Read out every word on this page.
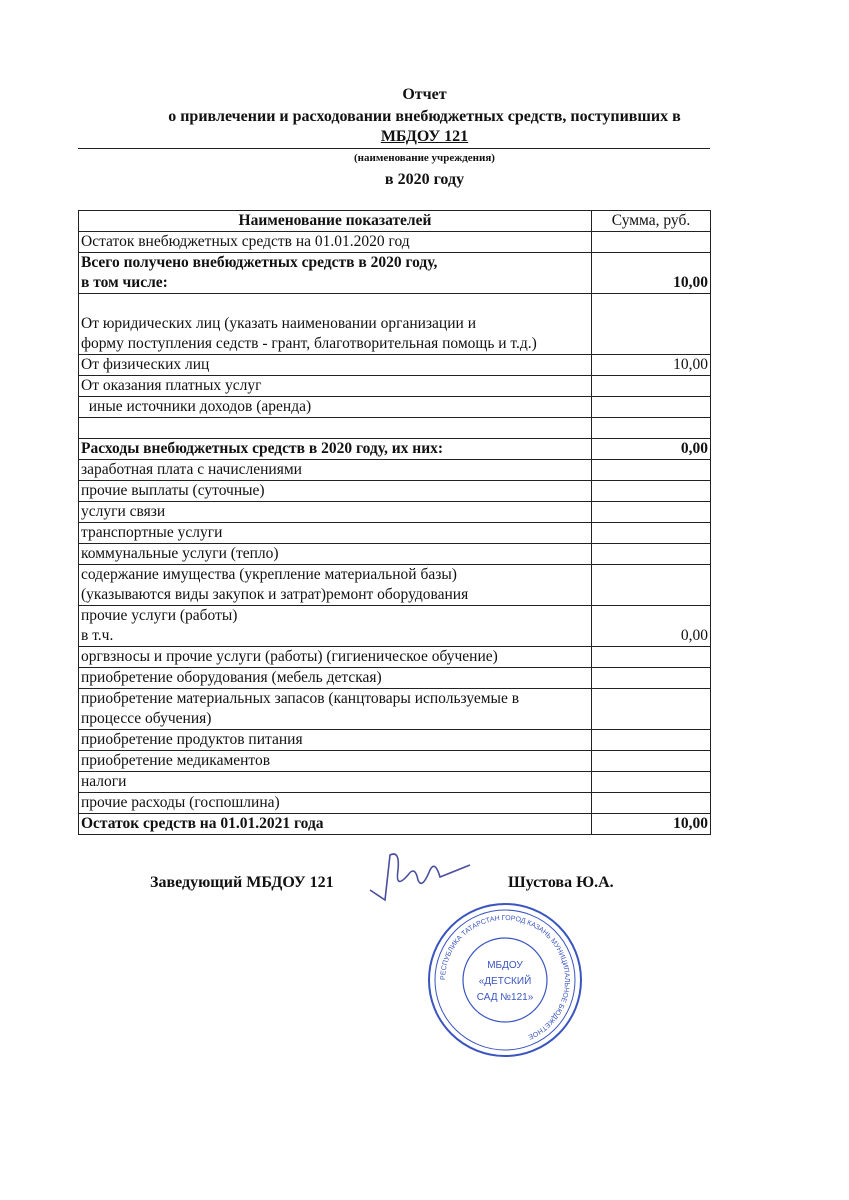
Отчет
о привлечении и расходовании внебюджетных средств, поступивших в
МБДОУ 121
(наименование учреждения)
в 2020 году
Наименование показателей	Сумма, руб.

Остаток внебюджетных средств на 01.01.2020 год	

Всего получено внебюджетных средств в 2020 году,
в том числе:	10,00

От юридических лиц (указать наименовании организации и
форму поступления седств - грант, благотворительная помощь и т.д.)	

От физических лиц	10,00

От оказания платных услуг	

иные источники доходов (аренда)	

Расходы внебюджетных средств в 2020 году, их них:	0,00

заработная плата с начислениями	

прочие выплаты (суточные)	

услуги связи	

транспортные услуги	

коммунальные услуги (тепло)	

содержание имущества (укрепление материальной базы)
(указываются виды закупок и затрат)ремонт оборудования	

прочие услуги (работы)
в т.ч.	0,00

оргвзносы и прочие услуги (работы) (гигиеническое обучение)	

приобретение оборудования (мебель детская)	

приобретение материальных запасов (канцтовары используемые в
процессе обучения)	

приобретение продуктов питания	

приобретение медикаментов	

налоги	

прочие расходы (госпошлина)	

Остаток средств на 01.01.2021 года	10,00
Заведующий МБДОУ 121
МБДОУ
«ДЕТСКИЙ
САД №121»
РЕСПУБЛИКА ТАТАРСТАН ГОРОД КАЗАНЬ МУНИЦИПАЛЬНОЕ БЮДЖЕТНОЕ
Шустова Ю.А.
